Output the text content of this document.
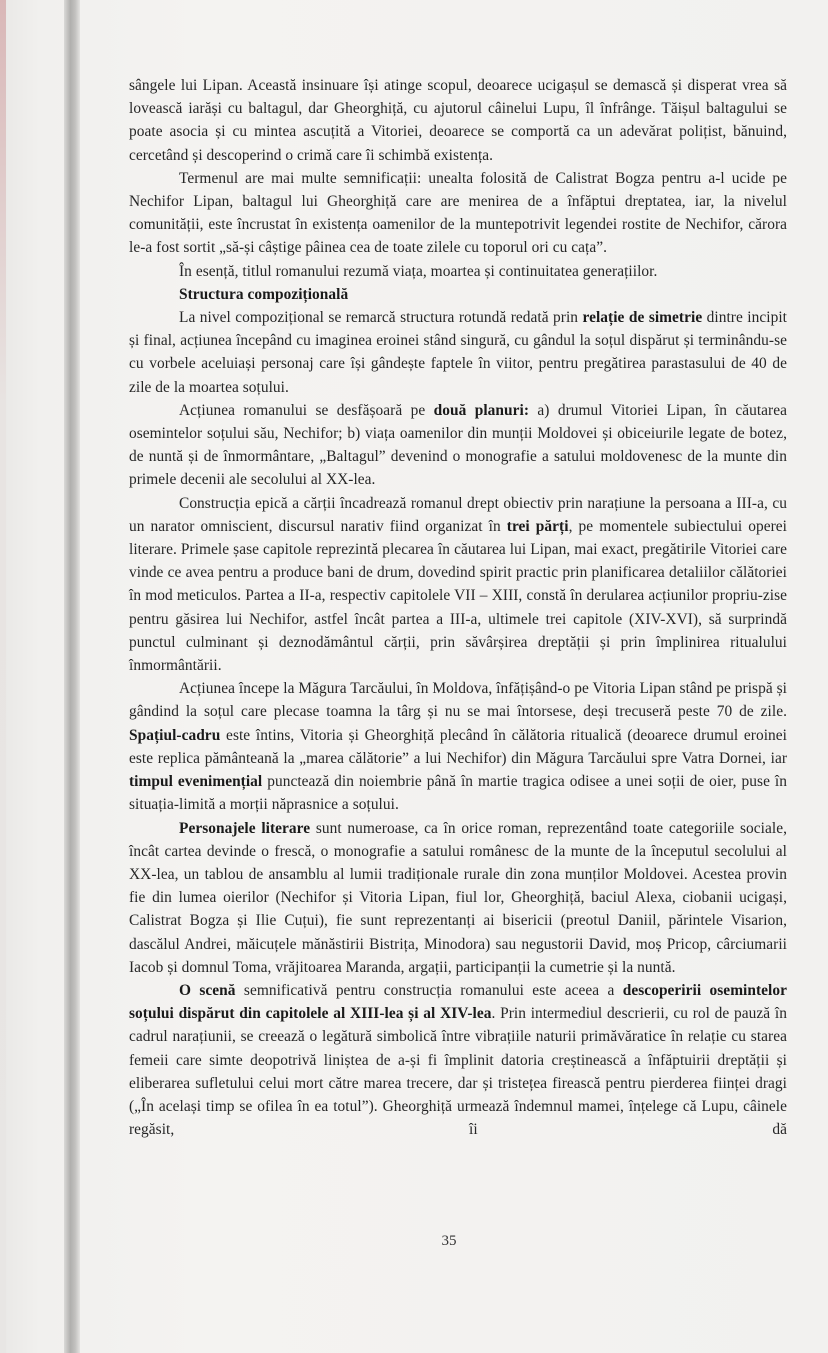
sângele lui Lipan. Această insinuare își atinge scopul, deoarece ucigașul se demască și disperat vrea să lovească iarăși cu baltagul, dar Gheorghiță, cu ajutorul câinelui Lupu, îl înfrânge. Tăișul baltagului se poate asocia și cu mintea ascuțită a Vitoriei, deoarece se comportă ca un adevărat polițist, bănuind, cercetând și descoperind o crimă care îi schimbă existența.

Termenul are mai multe semnificații: unealta folosită de Calistrat Bogza pentru a-l ucide pe Nechifor Lipan, baltagul lui Gheorghiță care are menirea de a înfăptui dreptatea, iar, la nivelul comunității, este încrustat în existența oamenilor de la muntepotrivit legendei rostite de Nechifor, cărora le-a fost sortit „să-și câștige pâinea cea de toate zilele cu toporul ori cu cața”.

În esență, titlul romanului rezumă viața, moartea și continuitatea generațiilor.

Structura compozițională

La nivel compozițional se remarcă structura rotundă redată prin relație de simetrie dintre incipit și final, acțiunea începând cu imaginea eroinei stând singură, cu gândul la soțul dispărut și terminându-se cu vorbele aceluiași personaj care își gândește faptele în viitor, pentru pregătirea parastasului de 40 de zile de la moartea soțului.

Acțiunea romanului se desfășoară pe două planuri: a) drumul Vitoriei Lipan, în căutarea osemintelor soțului său, Nechifor; b) viața oamenilor din munții Moldovei și obiceiurile legate de botez, de nuntă și de înmormântare, „Baltagul” devenind o monografie a satului moldovenesc de la munte din primele decenii ale secolului al XX-lea.

Construcția epică a cărții încadrează romanul drept obiectiv prin narațiune la persoana a III-a, cu un narator omniscient, discursul narativ fiind organizat în trei părți, pe momentele subiectului operei literare. Primele șase capitole reprezintă plecarea în căutarea lui Lipan, mai exact, pregătirile Vitoriei care vinde ce avea pentru a produce bani de drum, dovedind spirit practic prin planificarea detaliilor călătoriei în mod meticulos. Partea a II-a, respectiv capitolele VII – XIII, constă în derularea acțiunilor propriu-zise pentru găsirea lui Nechifor, astfel încât partea a III-a, ultimele trei capitole (XIV-XVI), să surprindă punctul culminant și deznodământul cărții, prin săvârșirea dreptății și prin împlinirea ritualului înmormântării.

Acțiunea începe la Măgura Tarcăului, în Moldova, înfățișând-o pe Vitoria Lipan stând pe prispă și gândind la soțul care plecase toamna la târg și nu se mai întorsese, deși trecuseră peste 70 de zile. Spațiul-cadru este întins, Vitoria și Gheorghiță plecând în călătoria ritualică (deoarece drumul eroinei este replica pământeană la „marea călătorie” a lui Nechifor) din Măgura Tarcăului spre Vatra Dornei, iar timpul evenimențial punctează din noiembrie până în martie tragica odisee a unei soții de oier, puse în situația-limită a morții năprasnice a soțului.

Personajele literare sunt numeroase, ca în orice roman, reprezentând toate categoriile sociale, încât cartea devinde o frescă, o monografie a satului românesc de la munte de la începutul secolului al XX-lea, un tablou de ansamblu al lumii tradiționale rurale din zona munților Moldovei. Acestea provin fie din lumea oierilor (Nechifor și Vitoria Lipan, fiul lor, Gheorghiță, baciul Alexa, ciobanii ucigași, Calistrat Bogza și Ilie Cuțui), fie sunt reprezentanți ai bisericii (preotul Daniil, părintele Visarion, dascălul Andrei, măicuțele mănăstirii Bistrița, Minodora) sau negustorii David, moș Pricop, cârciumarii Iacob și domnul Toma, vrăjitoarea Maranda, argații, participanții la cumetrie și la nuntă.

O scenă semnificativă pentru construcția romanului este aceea a descoperirii osemintelor soțului dispărut din capitolele al XIII-lea și al XIV-lea. Prin intermediul descrierii, cu rol de pauză în cadrul narațiunii, se creează o legătură simbolică între vibrațiile naturii primăvăratice în relație cu starea femeii care simte deopotrivă liniștea de a-și fi împlinit datoria creștinească a înfăptuirii dreptății și eliberarea sufletului celui mort către marea trecere, dar și tristețea firească pentru pierderea ființei dragi („În același timp se ofilea în ea totul”). Gheorghiță urmează îndemnul mamei, înțelege că Lupu, câinele regăsit, îi dă

35
